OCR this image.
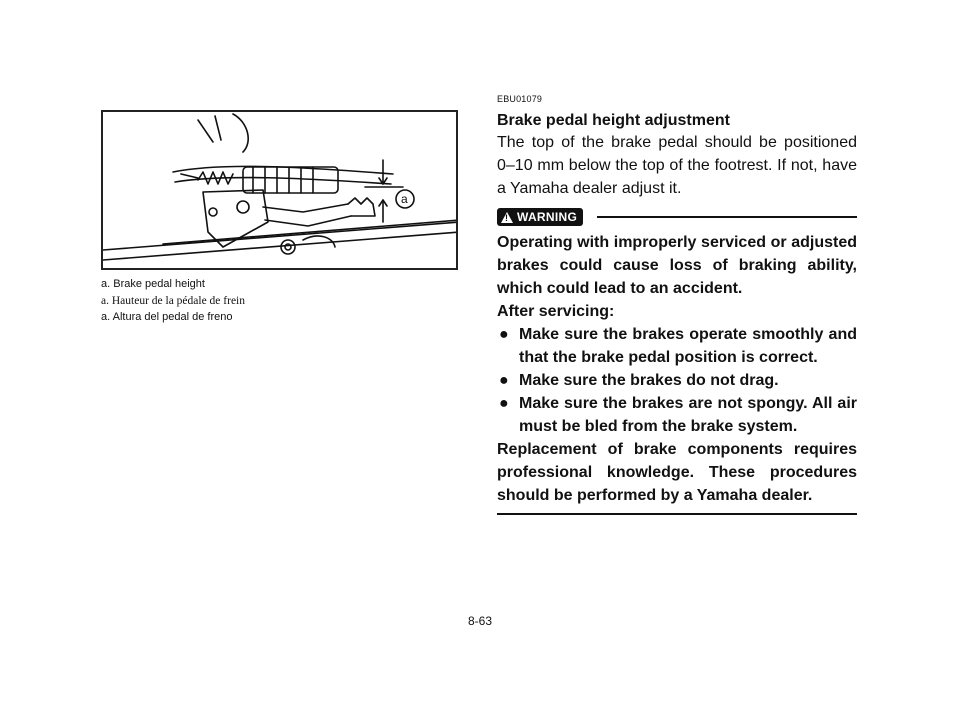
a
a. Brake pedal height
a. Hauteur de la pédale de frein
a. Altura del pedal de freno
EBU01079
Brake pedal height adjustment

The top of the brake pedal should be positioned 0–10 mm below the top of the footrest. If not, have a Yamaha dealer adjust it.

!
WARNING

Operating with improperly serviced or adjusted brakes could cause loss of braking ability, which could lead to an accident.

After servicing:

● Make sure the brakes operate smoothly and that the brake pedal position is correct.
● Make sure the brakes do not drag.
● Make sure the brakes are not spongy. All air must be bled from the brake system.

Replacement of brake components requires professional knowledge. These procedures should be performed by a Yamaha dealer.

8-63
